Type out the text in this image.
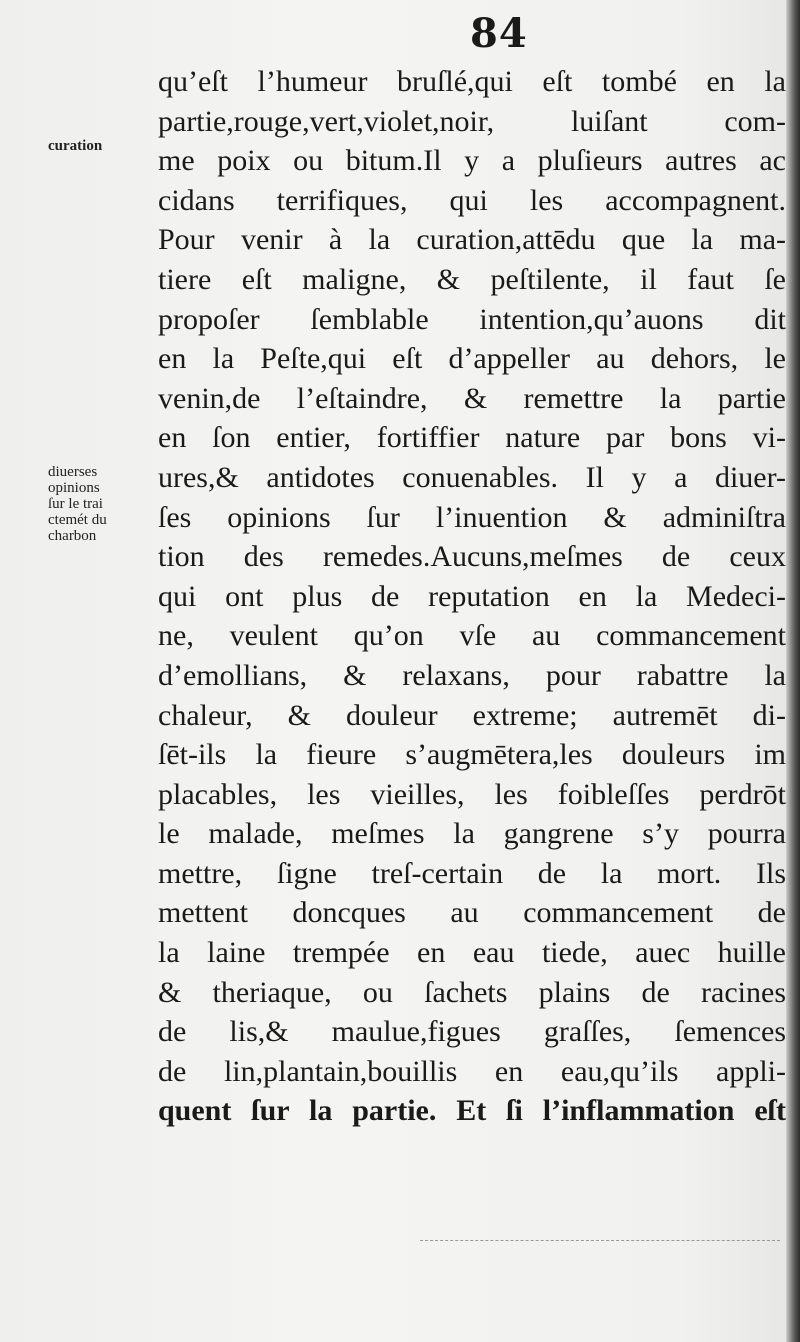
84
curation
diuerses
opinions
ſur le trai
ctemét du
charbon
qu’eſt l’humeur bruſlé,qui eſt tombé en la
partie,rouge,vert,violet,noir, luiſant com-
me poix ou bitum.Il y a pluſieurs autres ac
cidans terrifiques, qui les accompagnent.
Pour venir à la curation,attēdu que la ma-
tiere eſt maligne, & peſtilente, il faut ſe
propoſer ſemblable intention,qu’auons dit
en la Peſte,qui eſt d’appeller au dehors, le
venin,de l’eſtaindre, & remettre la partie
en ſon entier, fortiffier nature par bons vi-
ures,& antidotes conuenables. Il y a diuer-
ſes opinions ſur l’inuention & adminiſtra
tion des remedes.Aucuns,meſmes de ceux
qui ont plus de reputation en la Medeci-
ne, veulent qu’on vſe au commancement
d’emollians, & relaxans, pour rabattre la
chaleur, & douleur extreme; autremēt di-
ſēt-ils la fieure s’augmētera,les douleurs im
placables, les vieilles, les foibleſſes perdrōt
le malade, meſmes la gangrene s’y pourra
mettre, ſigne treſ-certain de la mort. Ils
mettent doncques au commancement de
la laine trempée en eau tiede, auec huille
& theriaque, ou ſachets plains de racines
de lis,& maulue,figues graſſes, ſemences
de lin,plantain,bouillis en eau,qu’ils appli-
quent ſur la partie. Et ſi l’inflammation eſt
